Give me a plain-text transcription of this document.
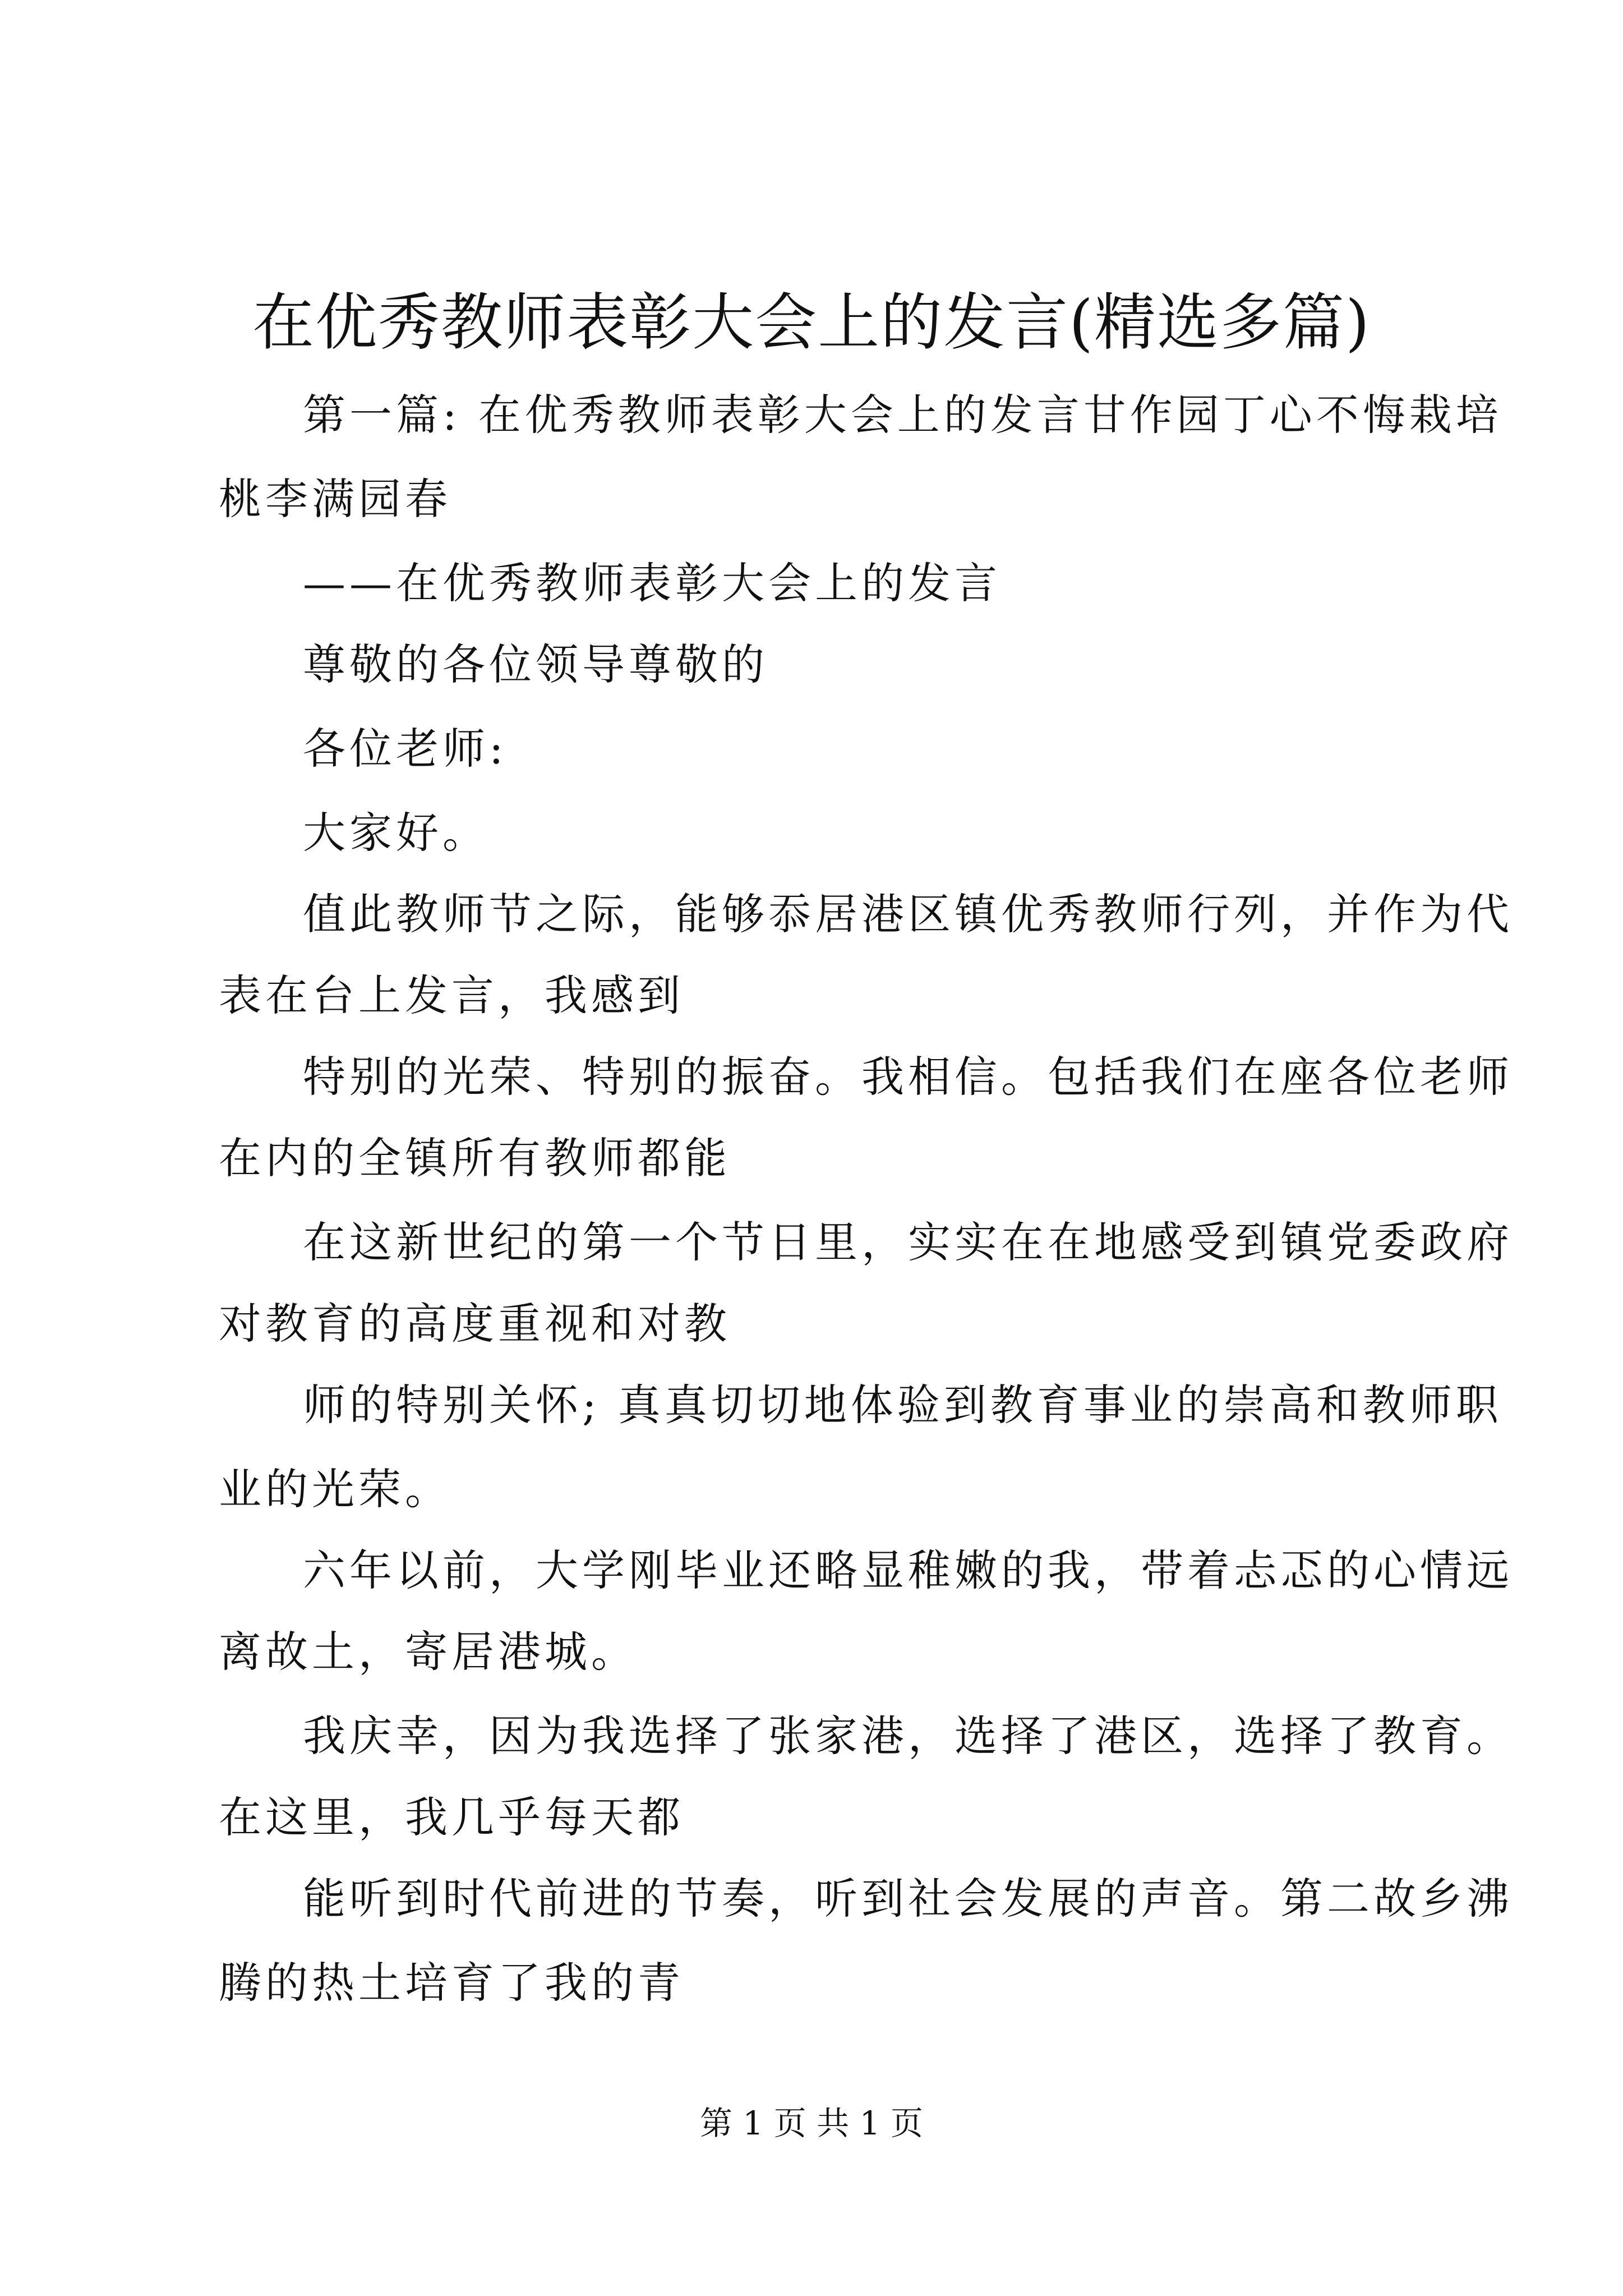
在优秀教师表彰大会上的发言(精选多篇)
第一篇: 在优秀教师表彰大会上的发言甘作园丁心不悔栽培
桃李满园春
——在优秀教师表彰大会上的发言
尊敬的各位领导尊敬的
各位老师:
大家好。
值此教师节之际，能够忝居港区镇优秀教师行列，并作为代
表在台上发言，我感到
特别的光荣、特别的振奋。我相信。包括我们在座各位老师
在内的全镇所有教师都能
在这新世纪的第一个节日里，实实在在地感受到镇党委政府
对教育的高度重视和对教
师的特别关怀; 真真切切地体验到教育事业的崇高和教师职
业的光荣。
六年以前，大学刚毕业还略显稚嫩的我，带着忐忑的心情远
离故土，寄居港城。
我庆幸，因为我选择了张家港，选择了港区，选择了教育。
在这里，我几乎每天都
能听到时代前进的节奏，听到社会发展的声音。第二故乡沸
腾的热土培育了我的青
第 1 页 共 1 页
